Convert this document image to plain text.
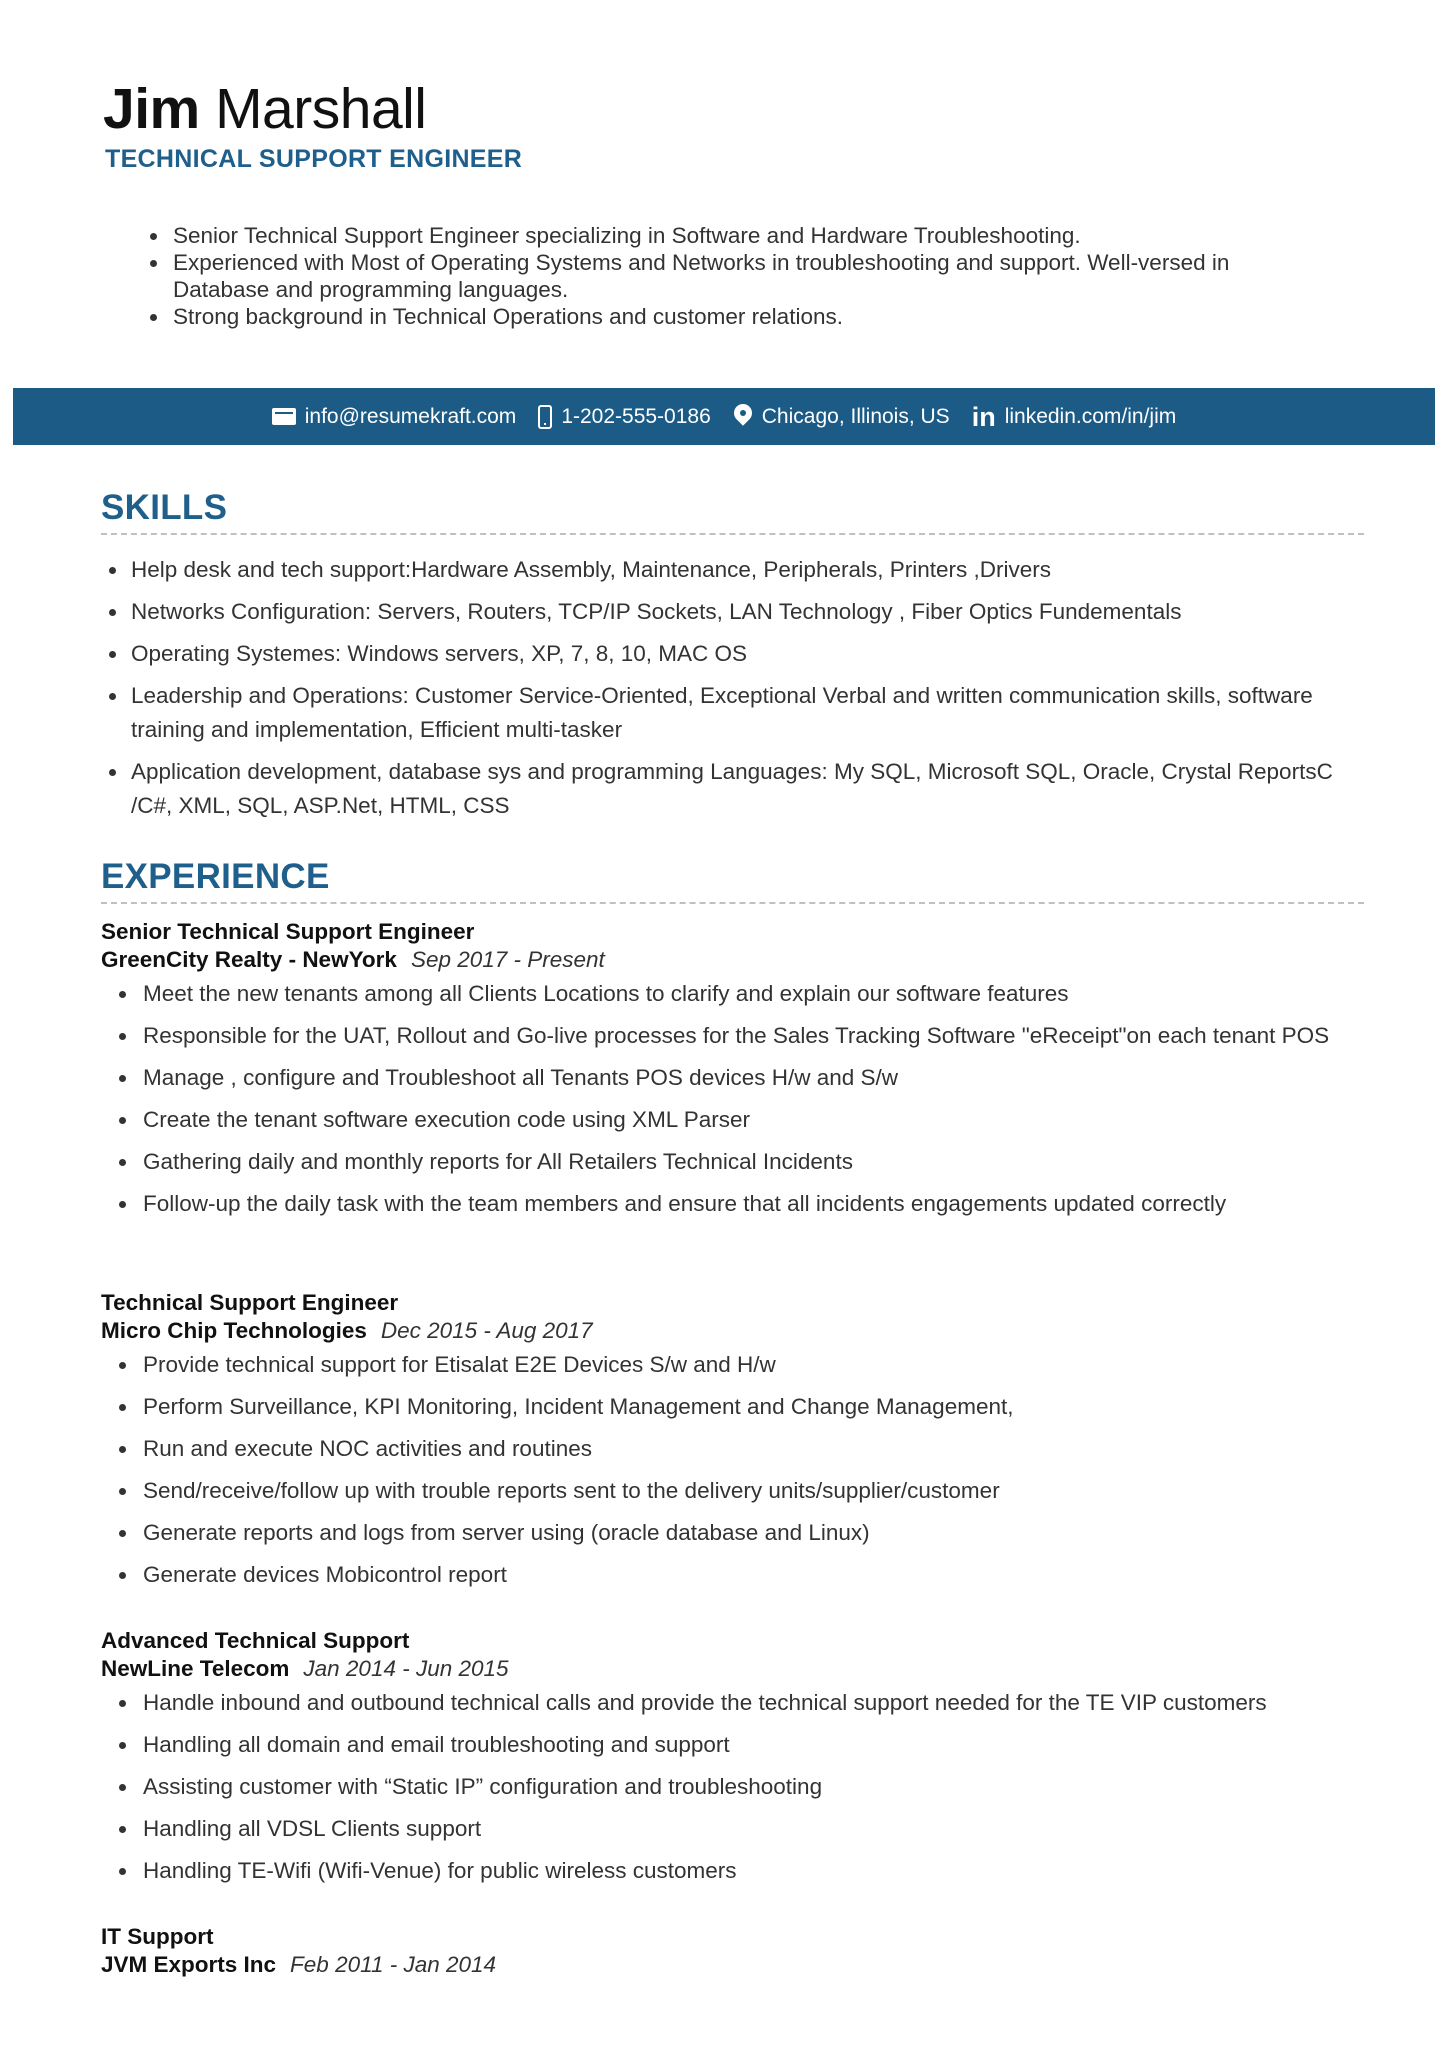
Jim Marshall
TECHNICAL SUPPORT ENGINEER
Senior Technical Support Engineer specializing in Software and Hardware Troubleshooting.
Experienced with Most of Operating Systems and Networks in troubleshooting and support. Well-versed in Database and programming languages.
Strong background in Technical Operations and customer relations.
info@resumekraft.com 1-202-555-0186 Chicago, Illinois, US in linkedin.com/in/jim
SKILLS
Help desk and tech support:Hardware Assembly, Maintenance, Peripherals, Printers ,Drivers
Networks Configuration: Servers, Routers, TCP/IP Sockets, LAN Technology , Fiber Optics Fundementals
Operating Systemes: Windows servers, XP, 7, 8, 10, MAC OS
Leadership and Operations: Customer Service-Oriented, Exceptional Verbal and written communication skills, software training and implementation, Efficient multi-tasker
Application development, database sys and programming Languages: My SQL, Microsoft SQL, Oracle, Crystal ReportsC /C#, XML, SQL, ASP.Net, HTML, CSS
EXPERIENCE
Senior Technical Support Engineer
GreenCity Realty - NewYork Sep 2017 - Present
Meet the new tenants among all Clients Locations to clarify and explain our software features
Responsible for the UAT, Rollout and Go-live processes for the Sales Tracking Software "eReceipt"on each tenant POS
Manage , configure and Troubleshoot all Tenants POS devices H/w and S/w
Create the tenant software execution code using XML Parser
Gathering daily and monthly reports for All Retailers Technical Incidents
Follow-up the daily task with the team members and ensure that all incidents engagements updated correctly
Technical Support Engineer
Micro Chip Technologies Dec 2015 - Aug 2017
Provide technical support for Etisalat E2E Devices S/w and H/w
Perform Surveillance, KPI Monitoring, Incident Management and Change Management,
Run and execute NOC activities and routines
Send/receive/follow up with trouble reports sent to the delivery units/supplier/customer
Generate reports and logs from server using (oracle database and Linux)
Generate devices Mobicontrol report
Advanced Technical Support
NewLine Telecom Jan 2014 - Jun 2015
Handle inbound and outbound technical calls and provide the technical support needed for the TE VIP customers
Handling all domain and email troubleshooting and support
Assisting customer with “Static IP” configuration and troubleshooting
Handling all VDSL Clients support
Handling TE-Wifi (Wifi-Venue) for public wireless customers
IT Support
JVM Exports Inc Feb 2011 - Jan 2014
